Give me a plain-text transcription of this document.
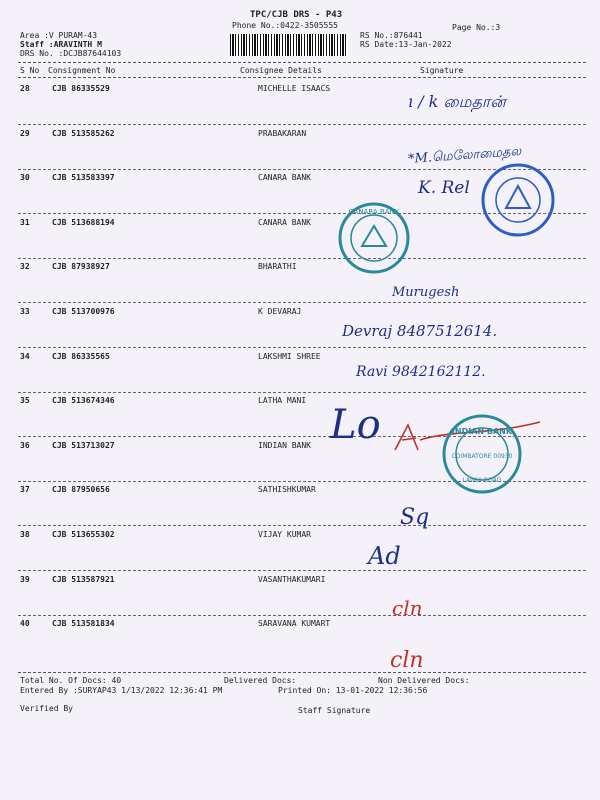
TPC/CJB DRS - P43
Phone No.:0422-3505555	Page No.:3
Area :V PURAM-43
Staff :ARAVINTH M
DRS No. :DCJB87644103
RS No.:876441
RS Date:13-Jan-2022
S No Consignment No	Consignee Details	Signature
28	CJB 86335529	MICHELLE ISAACS
29	CJB 513585262	PRABAKARAN
30	CJB 513583397	CANARA BANK
31	CJB 513688194	CANARA BANK
32	CJB 87938927	BHARATHI
33	CJB 513700976	K DEVARAJ
34	CJB 86335565	LAKSHMI SHREE
35	CJB 513674346	LATHA MANI
36	CJB 513713027	INDIAN BANK
37	CJB 87950656	SATHISHKUMAR
38	CJB 513655302	VIJAY KUMAR
39	CJB 513587921	VASANTHAKUMARI
40	CJB 513581834	SARAVANA KUMART
ı / k மைதான்
*M.மெலோமைதல
K. Rel
Murugesh
Devraj 8487512614.
Ravi 9842162112.
Lo
Sq
Ad
cln
cln
CANARA BANK
INDIAN BANK
COIMBATORE 00930
LAWLY ROAD
Total No. Of Docs: 40	Delivered Docs:	Non Delivered Docs:
Entered By :SURYAP43 1/13/2022 12:36:41 PM	Printed On: 13-01-2022 12:36:56
Verified By	Staff Signature
